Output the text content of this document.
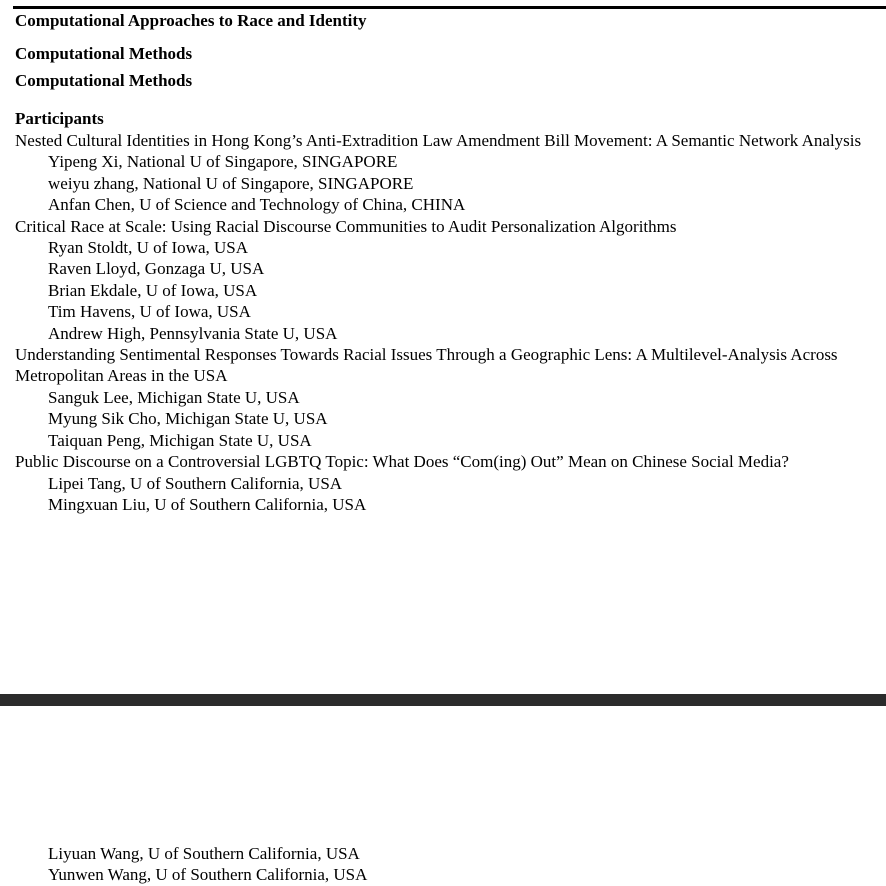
Computational Approaches to Race and Identity
Computational Methods
Computational Methods
Participants
Nested Cultural Identities in Hong Kong’s Anti-Extradition Law Amendment Bill Movement: A Semantic Network Analysis
Yipeng Xi, National U of Singapore, SINGAPORE
weiyu zhang, National U of Singapore, SINGAPORE
Anfan Chen, U of Science and Technology of China, CHINA
Critical Race at Scale: Using Racial Discourse Communities to Audit Personalization Algorithms
Ryan Stoldt, U of Iowa, USA
Raven Lloyd, Gonzaga U, USA
Brian Ekdale, U of Iowa, USA
Tim Havens, U of Iowa, USA
Andrew High, Pennsylvania State U, USA
Understanding Sentimental Responses Towards Racial Issues Through a Geographic Lens: A Multilevel-Analysis Across Metropolitan Areas in the USA
Sanguk Lee, Michigan State U, USA
Myung Sik Cho, Michigan State U, USA
Taiquan Peng, Michigan State U, USA
Public Discourse on a Controversial LGBTQ Topic: What Does “Com(ing) Out” Mean on Chinese Social Media?
Lipei Tang, U of Southern California, USA
Mingxuan Liu, U of Southern California, USA
Liyuan Wang, U of Southern California, USA
Yunwen Wang, U of Southern California, USA
